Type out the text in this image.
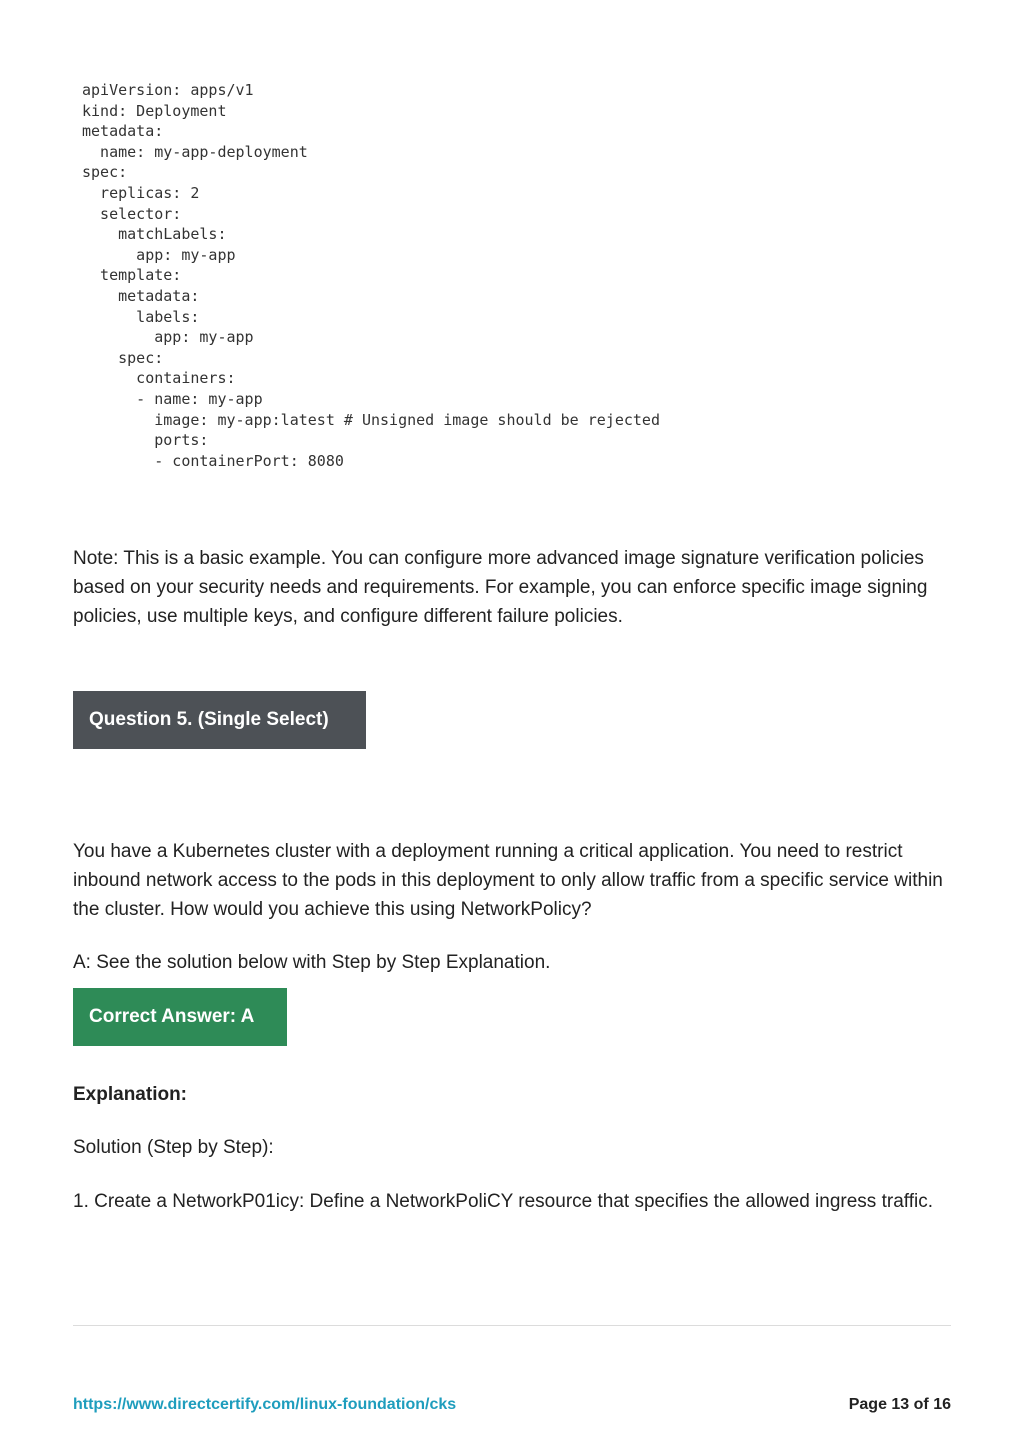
apiVersion: apps/v1
kind: Deployment
metadata:
name: my-app-deployment
spec:
replicas: 2
selector:
matchLabels:
app: my-app
template:
metadata:
labels:
app: my-app
spec:
containers:
- name: my-app
image: my-app:latest # Unsigned image should be rejected
ports:
- containerPort: 8080

Note: This is a basic example. You can configure more advanced image signature verification policies based on your security needs and requirements. For example, you can enforce specific image signing policies, use multiple keys, and configure different failure policies.

Question 5. (Single Select)

You have a Kubernetes cluster with a deployment running a critical application. You need to restrict inbound network access to the pods in this deployment to only allow traffic from a specific service within the cluster. How would you achieve this using NetworkPolicy?

A: See the solution below with Step by Step Explanation.

Correct Answer: A

Explanation:

Solution (Step by Step):

1. Create a NetworkP01icy: Define a NetworkPoliCY resource that specifies the allowed ingress traffic.

https://www.directcertify.com/linux-foundation/cks	Page 13 of 16
